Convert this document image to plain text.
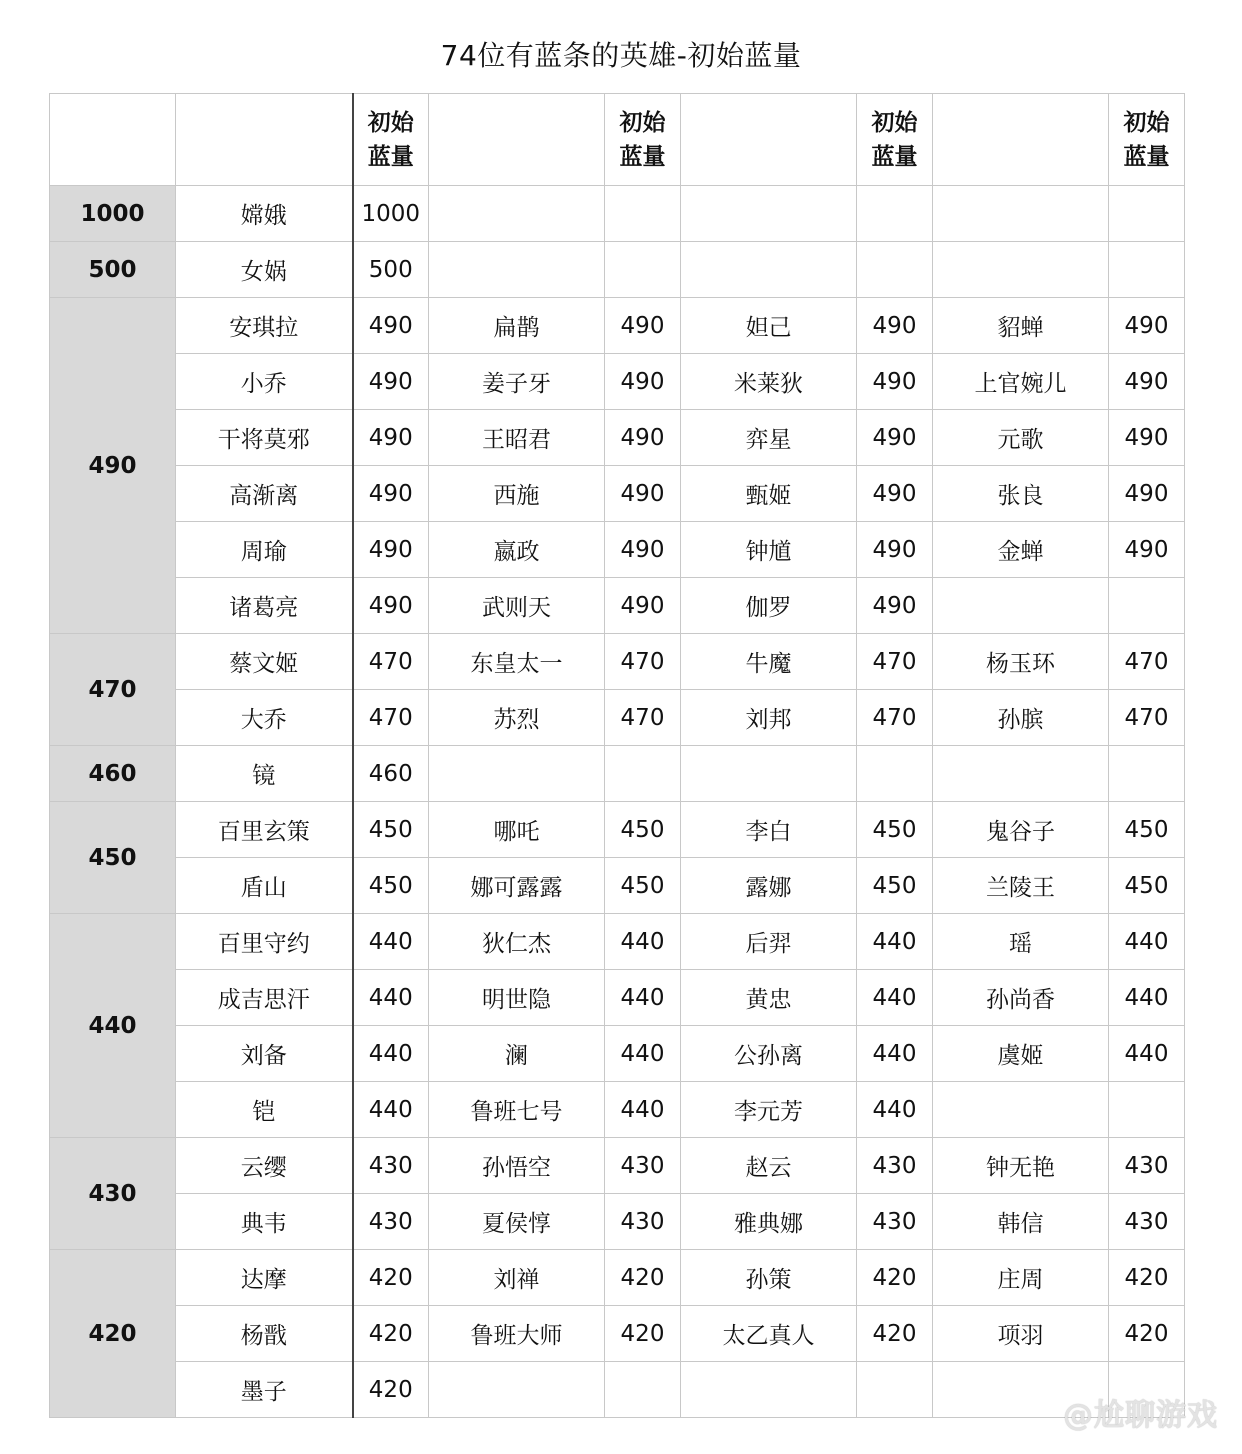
74位有蓝条的英雄-初始蓝量

		初始
蓝量		初始
蓝量		初始
蓝量		初始
蓝量

1000	嫦娥	1000						
500	女娲	500						
490	安琪拉	490	扁鹊	490	妲己	490	貂蝉	490
	小乔	490	姜子牙	490	米莱狄	490	上官婉儿	490
	干将莫邪	490	王昭君	490	弈星	490	元歌	490
	高渐离	490	西施	490	甄姬	490	张良	490
	周瑜	490	嬴政	490	钟馗	490	金蝉	490
	诸葛亮	490	武则天	490	伽罗	490		
470	蔡文姬	470	东皇太一	470	牛魔	470	杨玉环	470
	大乔	470	苏烈	470	刘邦	470	孙膑	470
460	镜	460						
450	百里玄策	450	哪吒	450	李白	450	鬼谷子	450
	盾山	450	娜可露露	450	露娜	450	兰陵王	450
440	百里守约	440	狄仁杰	440	后羿	440	瑶	440
	成吉思汗	440	明世隐	440	黄忠	440	孙尚香	440
	刘备	440	澜	440	公孙离	440	虞姬	440
	铠	440	鲁班七号	440	李元芳	440		
430	云缨	430	孙悟空	430	赵云	430	钟无艳	430
	典韦	430	夏侯惇	430	雅典娜	430	韩信	430
420	达摩	420	刘禅	420	孙策	420	庄周	420
	杨戬	420	鲁班大师	420	太乙真人	420	项羽	420
	墨子	420						
@尬聊游戏
